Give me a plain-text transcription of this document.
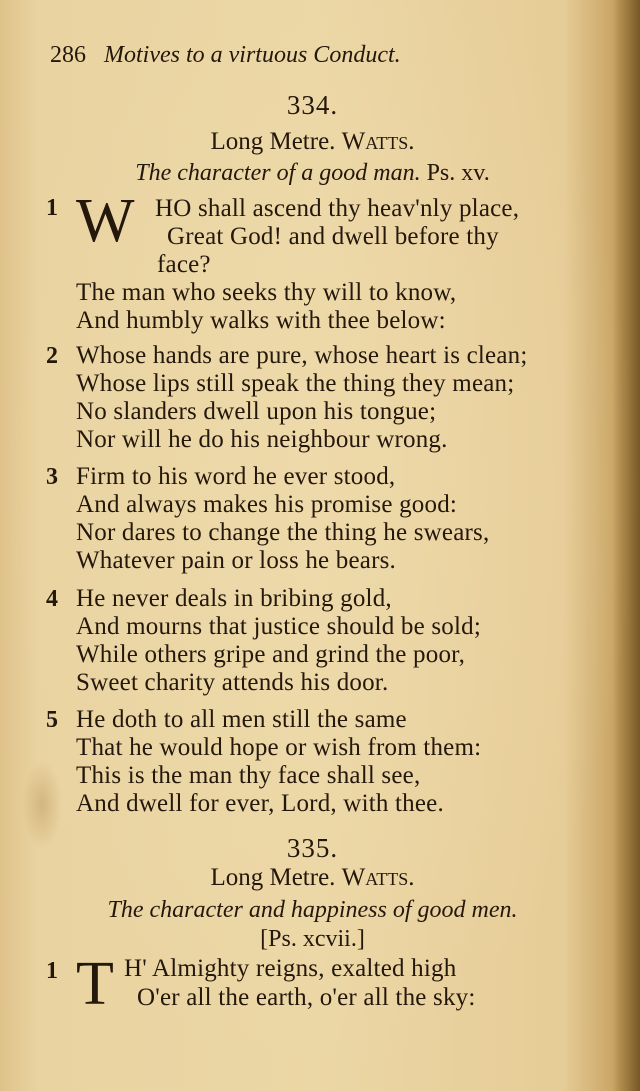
286 Motives to a virtuous Conduct.
334.
Long Metre. Watts.
The character of a good man. Ps. xv.
1 W HO shall ascend thy heav'nly place,
Great God! and dwell before thy
face?
The man who seeks thy will to know,
And humbly walks with thee below:
2 Whose hands are pure, whose heart is clean;
Whose lips still speak the thing they mean;
No slanders dwell upon his tongue;
Nor will he do his neighbour wrong.
3 Firm to his word he ever stood,
And always makes his promise good:
Nor dares to change the thing he swears,
Whatever pain or loss he bears.
4 He never deals in bribing gold,
And mourns that justice should be sold;
While others gripe and grind the poor,
Sweet charity attends his door.
5 He doth to all men still the same
That he would hope or wish from them:
This is the man thy face shall see,
And dwell for ever, Lord, with thee.
335.
Long Metre. Watts.
The character and happiness of good men.
[Ps. xcvii.]
1 T H' Almighty reigns, exalted high
O'er all the earth, o'er all the sky:
